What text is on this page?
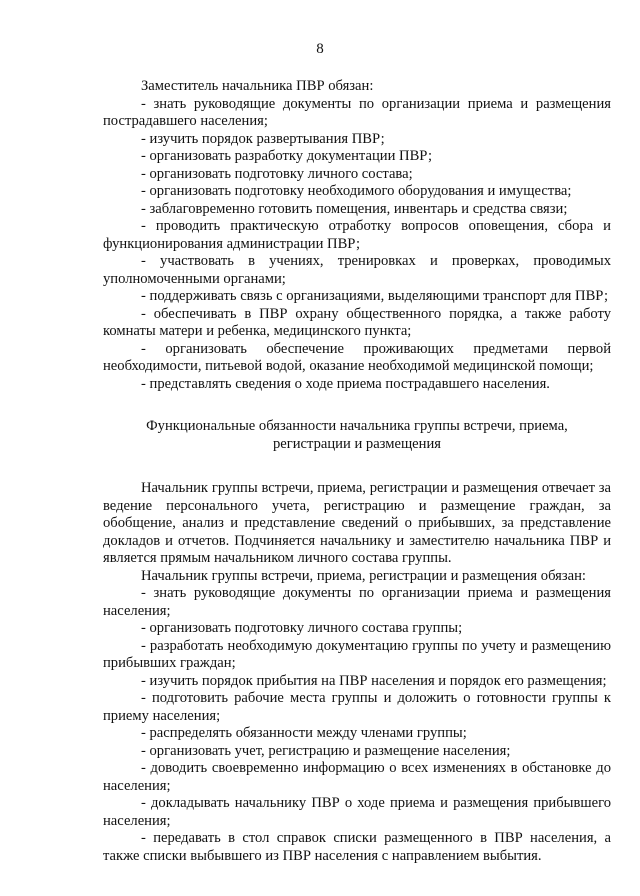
8

Заместитель начальника ПВР обязан:

- знать руководящие документы по организации приема и размещения пострадавшего населения;

- изучить порядок развертывания ПВР;

- организовать разработку документации ПВР;

- организовать подготовку личного состава;

- организовать подготовку необходимого оборудования и имущества;

- заблаговременно готовить помещения, инвентарь и средства связи;

- проводить практическую отработку вопросов оповещения, сбора и функционирования администрации ПВР;

- участвовать в учениях, тренировках и проверках, проводимых уполномоченными органами;

- поддерживать связь с организациями, выделяющими транспорт для ПВР;

- обеспечивать в ПВР охрану общественного порядка, а также работу комнаты матери и ребенка, медицинского пункта;

- организовать обеспечение проживающих предметами первой необходимости, питьевой водой, оказание необходимой медицинской помощи;

- представлять сведения о ходе приема пострадавшего населения.

Функциональные обязанности начальника группы встречи, приема, регистрации и размещения

Начальник группы встречи, приема, регистрации и размещения отвечает за ведение персонального учета, регистрацию и размещение граждан, за обобщение, анализ и представление сведений о прибывших, за представление докладов и отчетов. Подчиняется начальнику и заместителю начальника ПВР и является прямым начальником личного состава группы.

Начальник группы встречи, приема, регистрации и размещения обязан:

- знать руководящие документы по организации приема и размещения населения;

- организовать подготовку личного состава группы;

- разработать необходимую документацию группы по учету и размещению прибывших граждан;

- изучить порядок прибытия на ПВР населения и порядок его размещения;

- подготовить рабочие места группы и доложить о готовности группы к приему населения;

- распределять обязанности между членами группы;

- организовать учет, регистрацию и размещение населения;

- доводить своевременно информацию о всех изменениях в обстановке до населения;

- докладывать начальнику ПВР о ходе приема и размещения прибывшего населения;

- передавать в стол справок списки размещенного в ПВР населения, а также списки выбывшего из ПВР населения с направлением выбытия.
